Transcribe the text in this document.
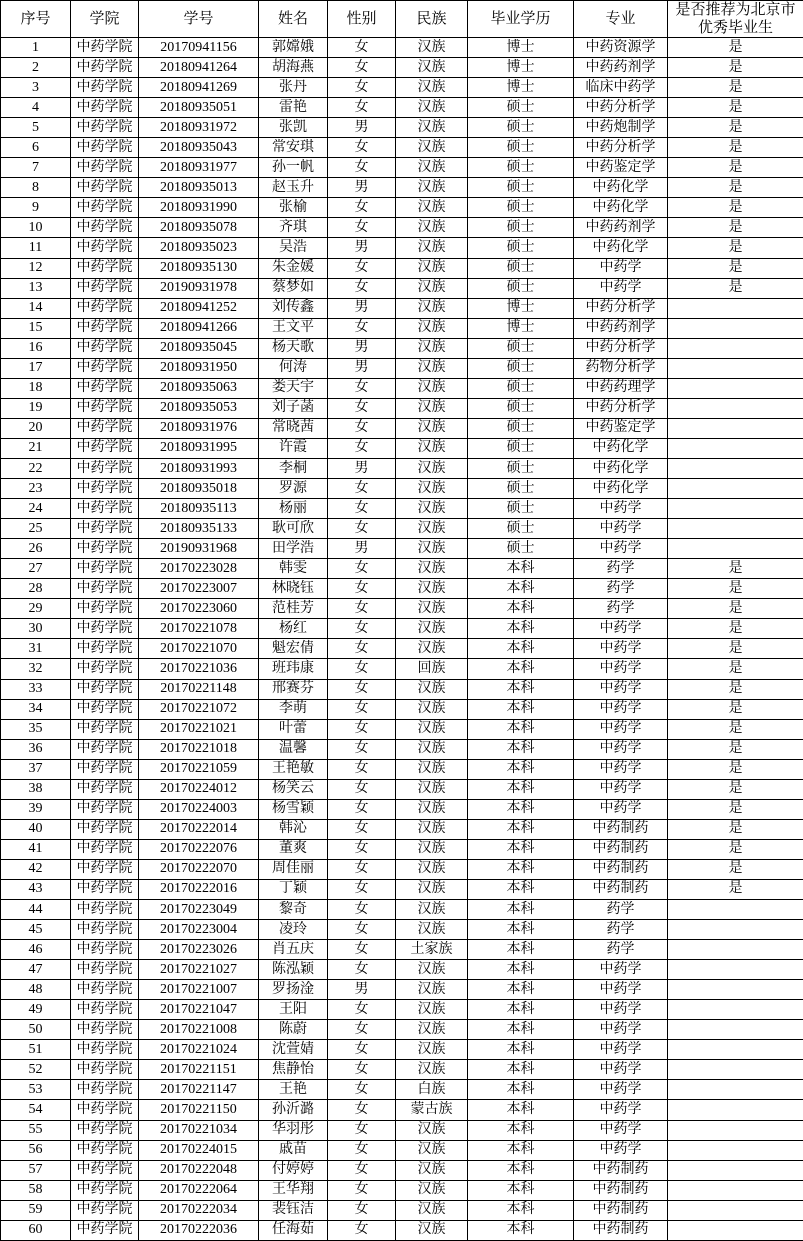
序号	学院	学号	姓名	性别	民族	毕业学历	专业	是否推荐为北京市优秀毕业生
1	中药学院	20170941156	郭嫦娥	女	汉族	博士	中药资源学	是
2	中药学院	20180941264	胡海燕	女	汉族	博士	中药药剂学	是
3	中药学院	20180941269	张丹	女	汉族	博士	临床中药学	是
4	中药学院	20180935051	雷艳	女	汉族	硕士	中药分析学	是
5	中药学院	20180931972	张凯	男	汉族	硕士	中药炮制学	是
6	中药学院	20180935043	常安琪	女	汉族	硕士	中药分析学	是
7	中药学院	20180931977	孙一帆	女	汉族	硕士	中药鉴定学	是
8	中药学院	20180935013	赵玉升	男	汉族	硕士	中药化学	是
9	中药学院	20180931990	张榆	女	汉族	硕士	中药化学	是
10	中药学院	20180935078	齐琪	女	汉族	硕士	中药药剂学	是
11	中药学院	20180935023	吴浩	男	汉族	硕士	中药化学	是
12	中药学院	20180935130	朱金媛	女	汉族	硕士	中药学	是
13	中药学院	20190931978	蔡梦如	女	汉族	硕士	中药学	是
14	中药学院	20180941252	刘传鑫	男	汉族	博士	中药分析学	
15	中药学院	20180941266	王文平	女	汉族	博士	中药药剂学	
16	中药学院	20180935045	杨天歌	男	汉族	硕士	中药分析学	
17	中药学院	20180931950	何涛	男	汉族	硕士	药物分析学	
18	中药学院	20180935063	娄天宇	女	汉族	硕士	中药药理学	
19	中药学院	20180935053	刘子菡	女	汉族	硕士	中药分析学	
20	中药学院	20180931976	常晓茜	女	汉族	硕士	中药鉴定学	
21	中药学院	20180931995	许霞	女	汉族	硕士	中药化学	
22	中药学院	20180931993	李桐	男	汉族	硕士	中药化学	
23	中药学院	20180935018	罗源	女	汉族	硕士	中药化学	
24	中药学院	20180935113	杨丽	女	汉族	硕士	中药学	
25	中药学院	20180935133	耿可欣	女	汉族	硕士	中药学	
26	中药学院	20190931968	田学浩	男	汉族	硕士	中药学	
27	中药学院	20170223028	韩雯	女	汉族	本科	药学	是
28	中药学院	20170223007	林晓钰	女	汉族	本科	药学	是
29	中药学院	20170223060	范桂芳	女	汉族	本科	药学	是
30	中药学院	20170221078	杨红	女	汉族	本科	中药学	是
31	中药学院	20170221070	魁宏倩	女	汉族	本科	中药学	是
32	中药学院	20170221036	班玮康	女	回族	本科	中药学	是
33	中药学院	20170221148	邢赛芬	女	汉族	本科	中药学	是
34	中药学院	20170221072	李萌	女	汉族	本科	中药学	是
35	中药学院	20170221021	叶蕾	女	汉族	本科	中药学	是
36	中药学院	20170221018	温馨	女	汉族	本科	中药学	是
37	中药学院	20170221059	王艳敏	女	汉族	本科	中药学	是
38	中药学院	20170224012	杨笑云	女	汉族	本科	中药学	是
39	中药学院	20170224003	杨雪颖	女	汉族	本科	中药学	是
40	中药学院	20170222014	韩沁	女	汉族	本科	中药制药	是
41	中药学院	20170222076	董爽	女	汉族	本科	中药制药	是
42	中药学院	20170222070	周佳丽	女	汉族	本科	中药制药	是
43	中药学院	20170222016	丁颖	女	汉族	本科	中药制药	是
44	中药学院	20170223049	黎奇	女	汉族	本科	药学	
45	中药学院	20170223004	凌玲	女	汉族	本科	药学	
46	中药学院	20170223026	肖五庆	女	土家族	本科	药学	
47	中药学院	20170221027	陈泓颖	女	汉族	本科	中药学	
48	中药学院	20170221007	罗扬淦	男	汉族	本科	中药学	
49	中药学院	20170221047	王阳	女	汉族	本科	中药学	
50	中药学院	20170221008	陈蔚	女	汉族	本科	中药学	
51	中药学院	20170221024	沈萱婧	女	汉族	本科	中药学	
52	中药学院	20170221151	焦静怡	女	汉族	本科	中药学	
53	中药学院	20170221147	王艳	女	白族	本科	中药学	
54	中药学院	20170221150	孙沂潞	女	蒙古族	本科	中药学	
55	中药学院	20170221034	华羽彤	女	汉族	本科	中药学	
56	中药学院	20170224015	戚苗	女	汉族	本科	中药学	
57	中药学院	20170222048	付婷婷	女	汉族	本科	中药制药	
58	中药学院	20170222064	王华翔	女	汉族	本科	中药制药	
59	中药学院	20170222034	裴钰洁	女	汉族	本科	中药制药	
60	中药学院	20170222036	任海茹	女	汉族	本科	中药制药	
